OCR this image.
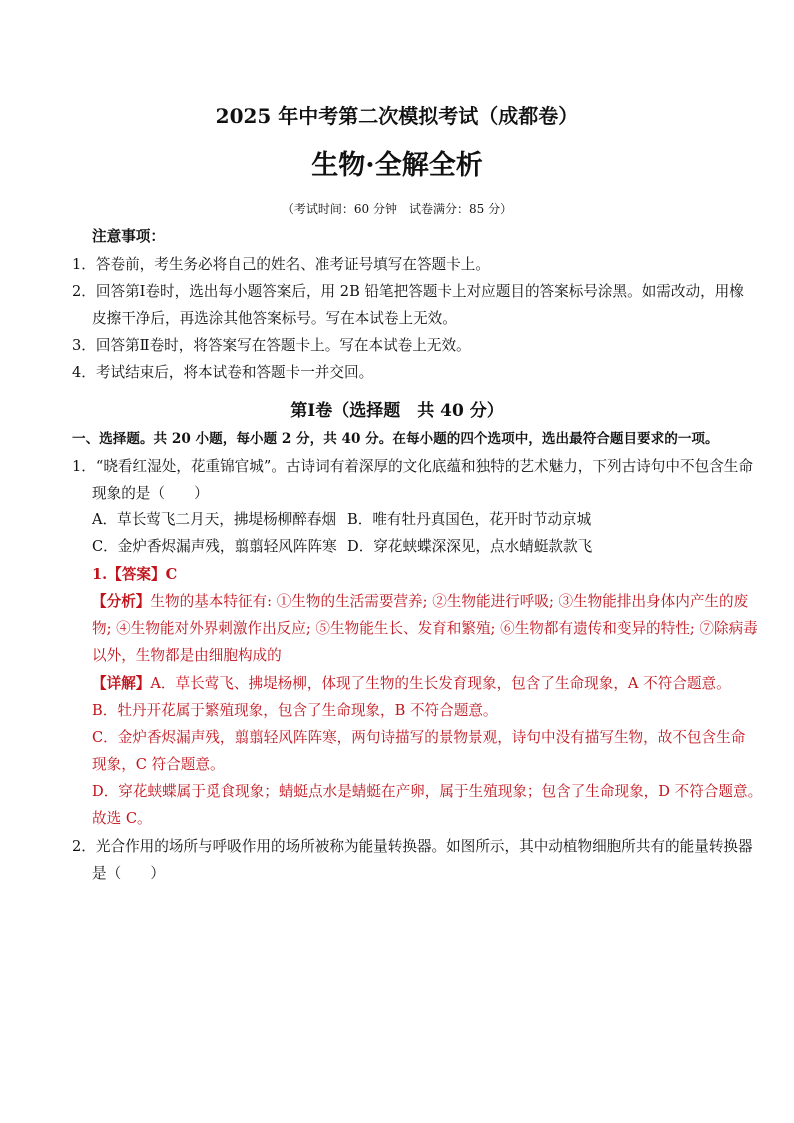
2025 年中考第二次模拟考试（成都卷）
生物·全解全析
（考试时间：60 分钟　试卷满分：85 分）
注意事项：
1．答卷前，考生务必将自己的姓名、准考证号填写在答题卡上。
2．回答第Ⅰ卷时，选出每小题答案后，用 2B 铅笔把答题卡上对应题目的答案标号涂黑。如需改动，用橡
皮擦干净后，再选涂其他答案标号。写在本试卷上无效。
3．回答第Ⅱ卷时，将答案写在答题卡上。写在本试卷上无效。
4．考试结束后，将本试卷和答题卡一并交回。
第Ⅰ卷（选择题　共 40 分）
一、选择题。共 20 小题，每小题 2 分，共 40 分。在每小题的四个选项中，选出最符合题目要求的一项。
1．“晓看红湿处，花重锦官城”。古诗词有着深厚的文化底蕴和独特的艺术魅力，下列古诗句中不包含生命
现象的是（　　）
A．草长莺飞二月天，拂堤杨柳醉春烟 B．唯有牡丹真国色，花开时节动京城
C．金炉香烬漏声残，翦翦轻风阵阵寒 D．穿花蛱蝶深深见，点水蜻蜓款款飞
1.【答案】C
【分析】生物的基本特征有: ①生物的生活需要营养; ②生物能进行呼吸; ③生物能排出身体内产生的废
物; ④生物能对外界刺激作出反应; ⑤生物能生长、发育和繁殖; ⑥生物都有遗传和变异的特性; ⑦除病毒
以外，生物都是由细胞构成的
【详解】A．草长莺飞、拂堤杨柳，体现了生物的生长发育现象，包含了生命现象，A 不符合题意。
B．牡丹开花属于繁殖现象，包含了生命现象，B 不符合题意。
C．金炉香烬漏声残，翦翦轻风阵阵寒，两句诗描写的景物景观，诗句中没有描写生物，故不包含生命
现象，C 符合题意。
D．穿花蛱蝶属于觅食现象；蜻蜓点水是蜻蜓在产卵，属于生殖现象；包含了生命现象，D 不符合题意。
故选 C。
2．光合作用的场所与呼吸作用的场所被称为能量转换器。如图所示，其中动植物细胞所共有的能量转换器
是（　　）
